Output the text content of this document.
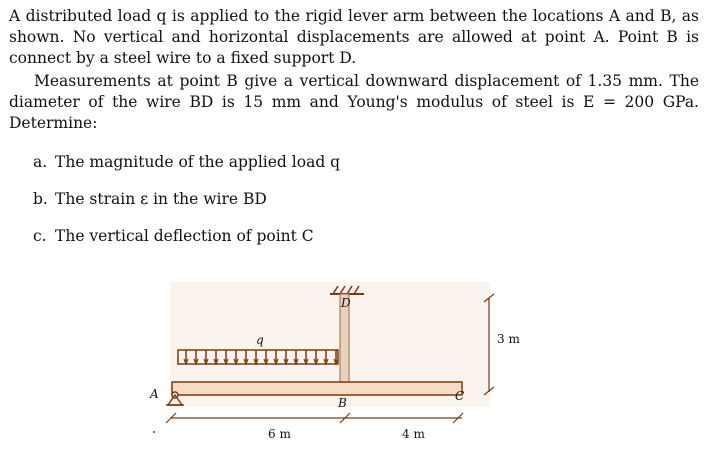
A distributed load q is applied to the rigid lever arm between the locations A and B, as shown. No vertical and horizontal displacements are allowed at point A. Point B is connect by a steel wire to a fixed support D.

Measurements at point B give a vertical downward displacement of 1.35 mm. The diameter of the wire BD is 15 mm and Young's modulus of steel is E = 200 GPa. Determine:

a. The magnitude of the applied load q

b. The strain ε in the wire BD

c. The vertical deflection of point C

D
q
A
B	C
6 m	4 m
3 m
